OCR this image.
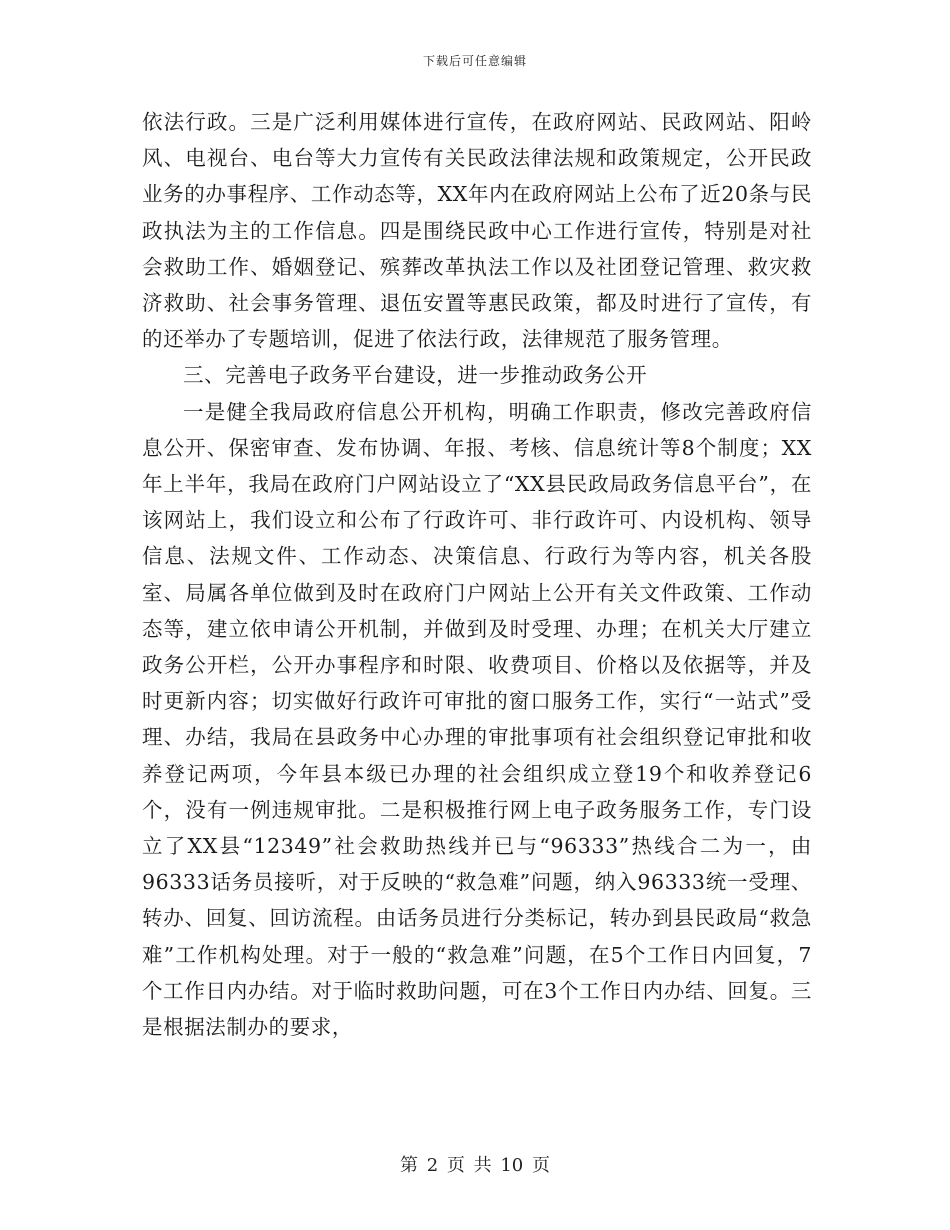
下载后可任意编辑

依法行政。三是广泛利用媒体进行宣传，在政府网站、民政网站、阳岭风、电视台、电台等大力宣传有关民政法律法规和政策规定，公开民政业务的办事程序、工作动态等，XX年内在政府网站上公布了近20条与民政执法为主的工作信息。四是围绕民政中心工作进行宣传，特别是对社会救助工作、婚姻登记、殡葬改革执法工作以及社团登记管理、救灾救济救助、社会事务管理、退伍安置等惠民政策，都及时进行了宣传，有的还举办了专题培训，促进了依法行政，法律规范了服务管理。

三、完善电子政务平台建设，进一步推动政务公开

一是健全我局政府信息公开机构，明确工作职责，修改完善政府信息公开、保密审查、发布协调、年报、考核、信息统计等8个制度；XX年上半年，我局在政府门户网站设立了“XX县民政局政务信息平台”，在该网站上，我们设立和公布了行政许可、非行政许可、内设机构、领导信息、法规文件、工作动态、决策信息、行政行为等内容，机关各股室、局属各单位做到及时在政府门户网站上公开有关文件政策、工作动态等，建立依申请公开机制，并做到及时受理、办理；在机关大厅建立政务公开栏，公开办事程序和时限、收费项目、价格以及依据等，并及时更新内容；切实做好行政许可审批的窗口服务工作，实行“一站式”受理、办结，我局在县政务中心办理的审批事项有社会组织登记审批和收养登记两项，今年县本级已办理的社会组织成立登19个和收养登记6个，没有一例违规审批。二是积极推行网上电子政务服务工作，专门设立了XX县“12349”社会救助热线并已与“96333”热线合二为一，由96333话务员接听，对于反映的“救急难”问题，纳入96333统一受理、转办、回复、回访流程。由话务员进行分类标记，转办到县民政局“救急难”工作机构处理。对于一般的“救急难”问题，在5个工作日内回复，7个工作日内办结。对于临时救助问题，可在3个工作日内办结、回复。三是根据法制办的要求，

第 2 页 共 10 页
